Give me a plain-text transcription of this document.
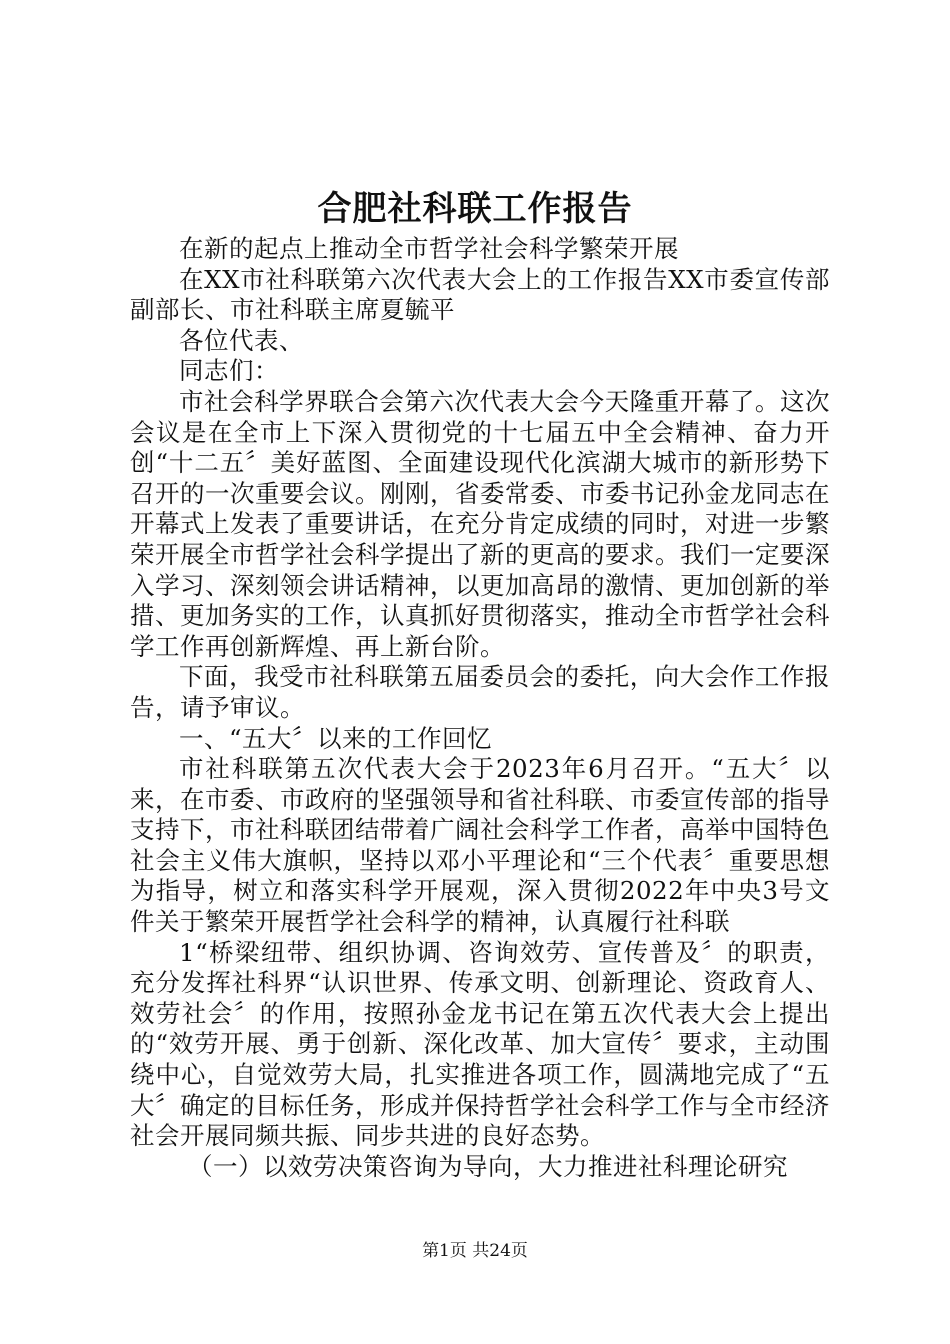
合肥社科联工作报告

在新的起点上推动全市哲学社会科学繁荣开展

在XX市社科联第六次代表大会上的工作报告XX市委宣传部副部长、市社科联主席夏毓平

各位代表、

同志们：

市社会科学界联合会第六次代表大会今天隆重开幕了。这次会议是在全市上下深入贯彻党的十七届五中全会精神、奋力开创“十二五〞美好蓝图、全面建设现代化滨湖大城市的新形势下召开的一次重要会议。刚刚，省委常委、市委书记孙金龙同志在开幕式上发表了重要讲话，在充分肯定成绩的同时，对进一步繁荣开展全市哲学社会科学提出了新的更高的要求。我们一定要深入学习、深刻领会讲话精神，以更加高昂的激情、更加创新的举措、更加务实的工作，认真抓好贯彻落实，推动全市哲学社会科学工作再创新辉煌、再上新台阶。

下面，我受市社科联第五届委员会的委托，向大会作工作报告，请予审议。

一、“五大〞以来的工作回忆

市社科联第五次代表大会于2023年6月召开。“五大〞以来，在市委、市政府的坚强领导和省社科联、市委宣传部的指导支持下，市社科联团结带着广阔社会科学工作者，高举中国特色社会主义伟大旗帜，坚持以邓小平理论和“三个代表〞重要思想为指导，树立和落实科学开展观，深入贯彻2022年中央3号文件关于繁荣开展哲学社会科学的精神，认真履行社科联

1“桥梁纽带、组织协调、咨询效劳、宣传普及〞的职责，充分发挥社科界“认识世界、传承文明、创新理论、资政育人、效劳社会〞的作用，按照孙金龙书记在第五次代表大会上提出的“效劳开展、勇于创新、深化改革、加大宣传〞要求，主动围绕中心，自觉效劳大局，扎实推进各项工作，圆满地完成了“五大〞确定的目标任务，形成并保持哲学社会科学工作与全市经济社会开展同频共振、同步共进的良好态势。

（一）以效劳决策咨询为导向，大力推进社科理论研究

第1页 共24页
